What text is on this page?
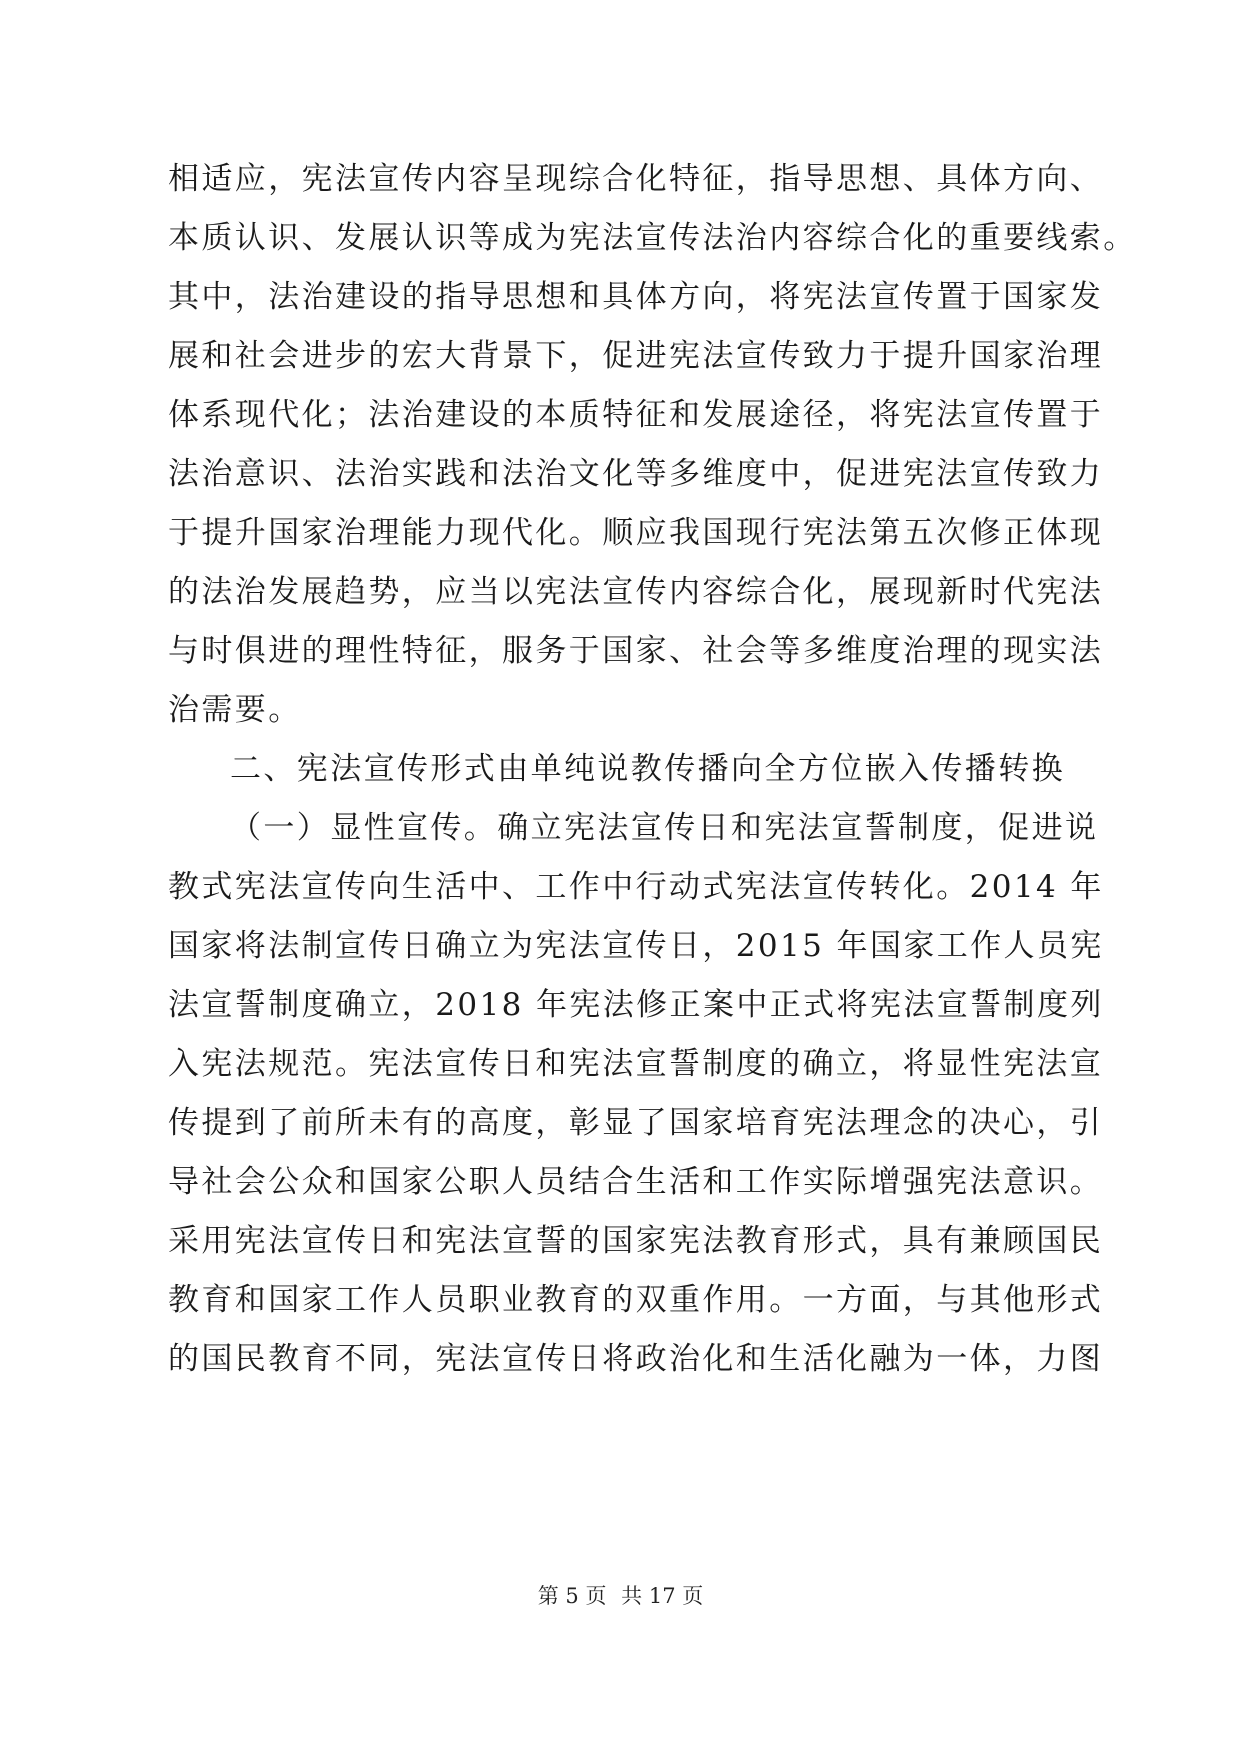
相适应，宪法宣传内容呈现综合化特征，指导思想、具体方向、
本质认识、发展认识等成为宪法宣传法治内容综合化的重要线索。
其中，法治建设的指导思想和具体方向，将宪法宣传置于国家发
展和社会进步的宏大背景下，促进宪法宣传致力于提升国家治理
体系现代化；法治建设的本质特征和发展途径，将宪法宣传置于
法治意识、法治实践和法治文化等多维度中，促进宪法宣传致力
于提升国家治理能力现代化。顺应我国现行宪法第五次修正体现
的法治发展趋势，应当以宪法宣传内容综合化，展现新时代宪法
与时俱进的理性特征，服务于国家、社会等多维度治理的现实法
治需要。
二、宪法宣传形式由单纯说教传播向全方位嵌入传播转换
（一）显性宣传。确立宪法宣传日和宪法宣誓制度，促进说
教式宪法宣传向生活中、工作中行动式宪法宣传转化。2014 年
国家将法制宣传日确立为宪法宣传日，2015 年国家工作人员宪
法宣誓制度确立，2018 年宪法修正案中正式将宪法宣誓制度列
入宪法规范。宪法宣传日和宪法宣誓制度的确立，将显性宪法宣
传提到了前所未有的高度，彰显了国家培育宪法理念的决心，引
导社会公众和国家公职人员结合生活和工作实际增强宪法意识。
采用宪法宣传日和宪法宣誓的国家宪法教育形式，具有兼顾国民
教育和国家工作人员职业教育的双重作用。一方面，与其他形式
的国民教育不同，宪法宣传日将政治化和生活化融为一体，力图
第 5 页 共 17 页
